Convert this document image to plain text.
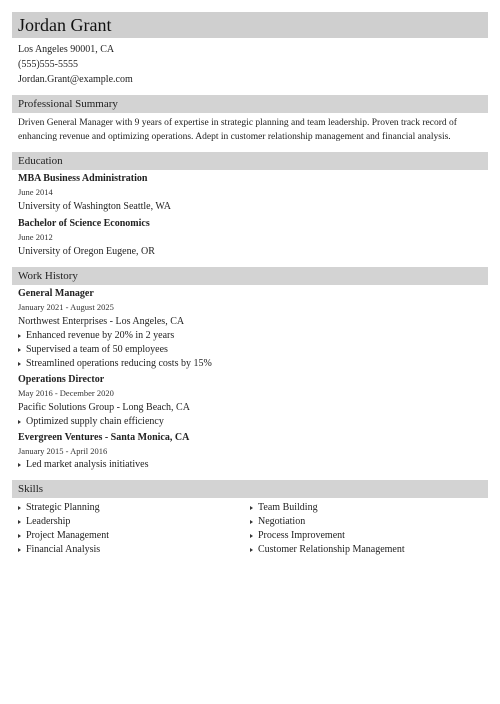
Jordan Grant
Los Angeles 90001, CA
(555)555-5555
Jordan.Grant@example.com
Professional Summary
Driven General Manager with 9 years of expertise in strategic planning and team leadership. Proven track record of enhancing revenue and optimizing operations. Adept in customer relationship management and financial analysis.
Education
MBA Business Administration
June 2014
University of Washington Seattle, WA
Bachelor of Science Economics
June 2012
University of Oregon Eugene, OR
Work History
General Manager
January 2021 - August 2025
Northwest Enterprises - Los Angeles, CA
Enhanced revenue by 20% in 2 years
Supervised a team of 50 employees
Streamlined operations reducing costs by 15%
Operations Director
May 2016 - December 2020
Pacific Solutions Group - Long Beach, CA
Optimized supply chain efficiency
Evergreen Ventures - Santa Monica, CA
January 2015 - April 2016
Led market analysis initiatives
Skills
Strategic Planning
Leadership
Project Management
Financial Analysis
Team Building
Negotiation
Process Improvement
Customer Relationship Management
